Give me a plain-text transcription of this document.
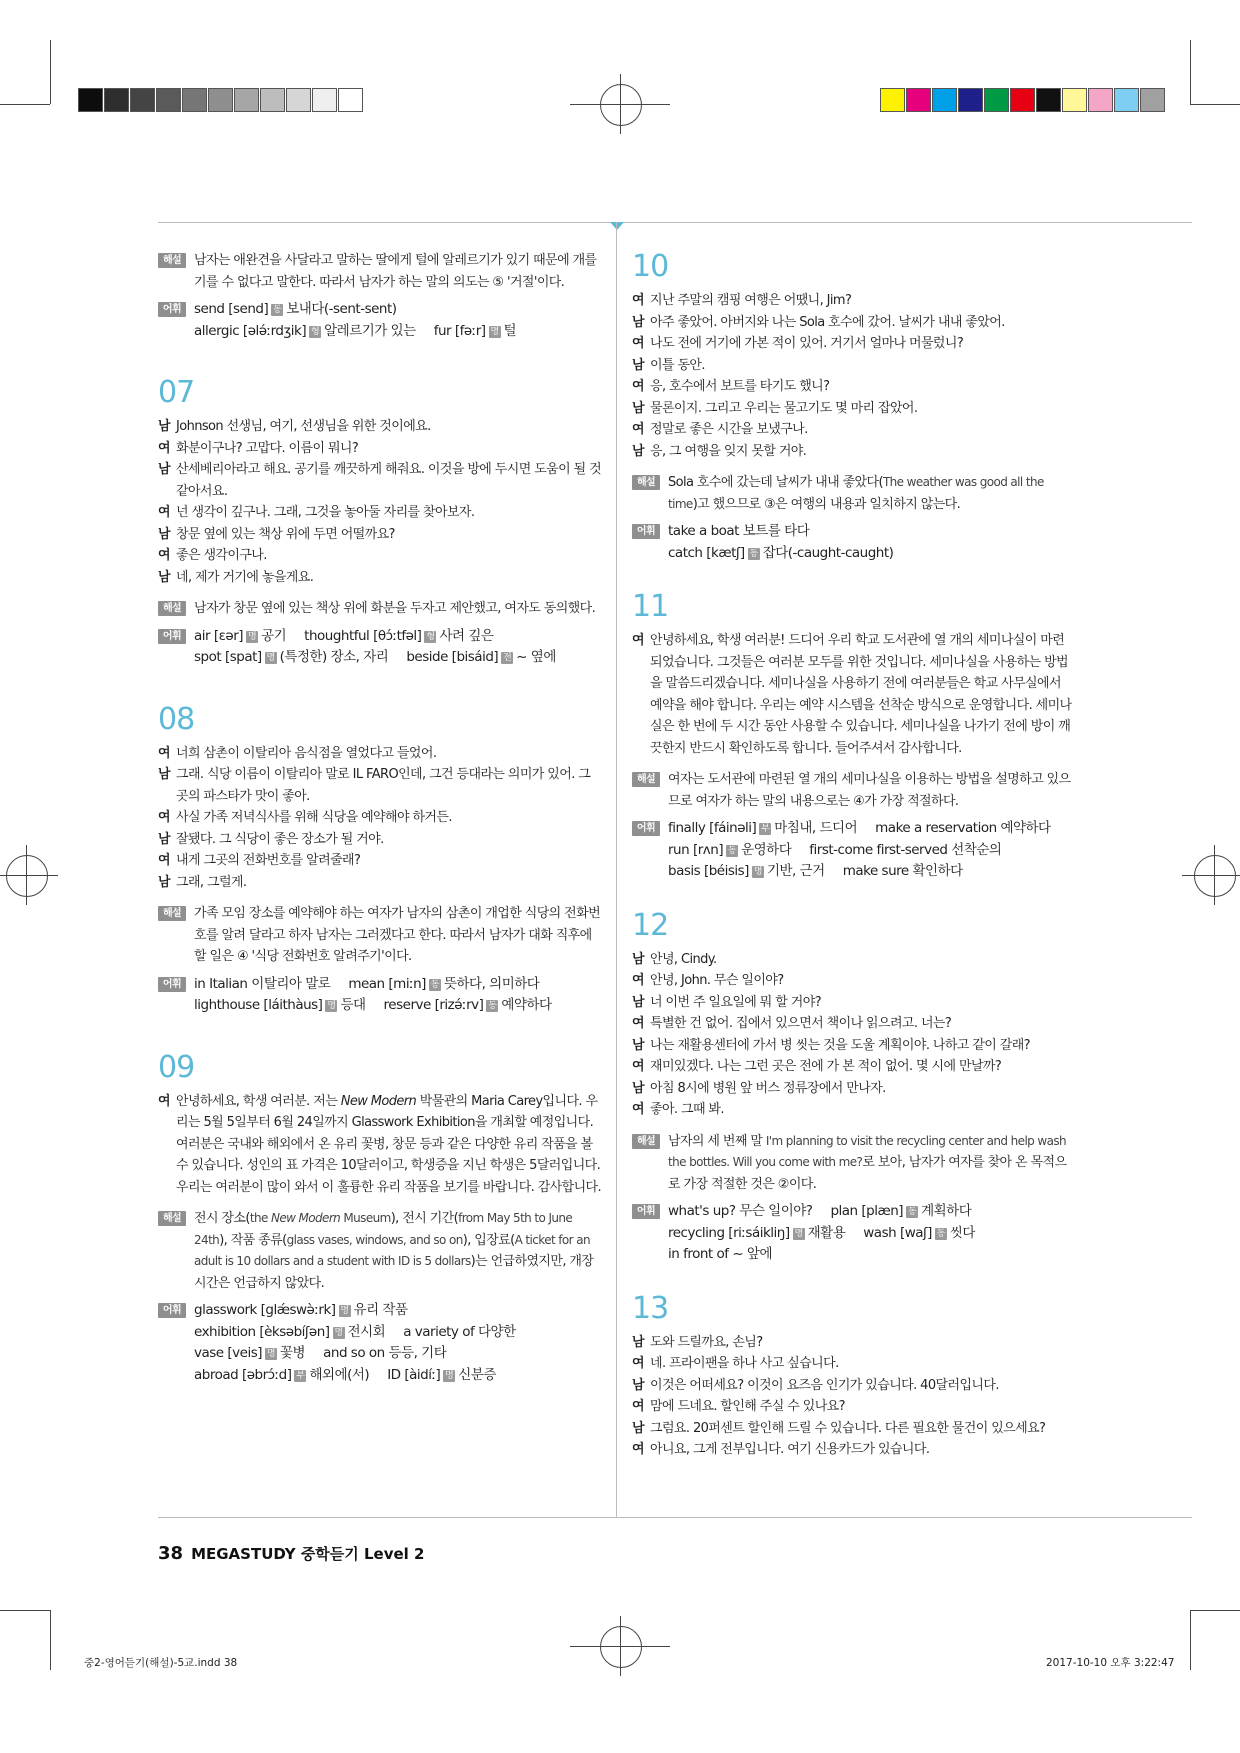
해설 남자는 애완견을 사달라고 말하는 딸에게 털에 알레르기가 있기 때문에 개를 기를 수 없다고 말한다. 따라서 남자가 하는 말의 의도는 ⑤ '거절'이다.
어휘 send [send] 동 보내다(-sent-sent)
allergic [ələ́ːrdʒik] 형 알레르기가 있는 fur [fəːr] 명 털
07
남 Johnson 선생님, 여기, 선생님을 위한 것이에요.
여 화분이구나? 고맙다. 이름이 뭐니?
남 산세베리아라고 해요. 공기를 깨끗하게 해줘요. 이것을 방에 두시면 도움이 될 것 같아서요.
여 넌 생각이 깊구나. 그래, 그것을 놓아둘 자리를 찾아보자.
남 창문 옆에 있는 책상 위에 두면 어떨까요?
여 좋은 생각이구나.
남 네, 제가 거기에 놓을게요.
해설 남자가 창문 옆에 있는 책상 위에 화분을 두자고 제안했고, 여자도 동의했다.
어휘 air [ɛər] 명 공기 thoughtful [θɔ́ːtfəl] 형 사려 깊은
spot [spat] 명 (특정한) 장소, 자리 beside [bisáid] 전 ~ 옆에
08
여 너희 삼촌이 이탈리아 음식점을 열었다고 들었어.
남 그래. 식당 이름이 이탈리아 말로 IL FARO인데, 그건 등대라는 의미가 있어. 그곳의 파스타가 맛이 좋아.
여 사실 가족 저녁식사를 위해 식당을 예약해야 하거든.
남 잘됐다. 그 식당이 좋은 장소가 될 거야.
여 내게 그곳의 전화번호를 알려줄래?
남 그래, 그럴게.
해설 가족 모임 장소를 예약해야 하는 여자가 남자의 삼촌이 개업한 식당의 전화번호를 알려 달라고 하자 남자는 그러겠다고 한다. 따라서 남자가 대화 직후에 할 일은 ④ '식당 전화번호 알려주기'이다.
어휘 in Italian 이탈리아 말로 mean [miːn] 동 뜻하다, 의미하다
lighthouse [láithàus] 명 등대 reserve [rizə́ːrv] 동 예약하다
09
여 안녕하세요, 학생 여러분. 저는 New Modern 박물관의 Maria Carey입니다. 우리는 5월 5일부터 6월 24일까지 Glasswork Exhibition을 개최할 예정입니다. 여러분은 국내와 해외에서 온 유리 꽃병, 창문 등과 같은 다양한 유리 작품을 볼 수 있습니다. 성인의 표 가격은 10달러이고, 학생증을 지닌 학생은 5달러입니다. 우리는 여러분이 많이 와서 이 훌륭한 유리 작품을 보기를 바랍니다. 감사합니다.
해설 전시 장소(the New Modern Museum), 전시 기간(from May 5th to June 24th), 작품 종류(glass vases, windows, and so on), 입장료(A ticket for an adult is 10 dollars and a student with ID is 5 dollars)는 언급하였지만, 개장 시간은 언급하지 않았다.
어휘 glasswork [glǽswə̀ːrk] 명 유리 작품
exhibition [èksəbíʃən] 명 전시회 a variety of 다양한
vase [veis] 명 꽃병 and so on 등등, 기타
abroad [əbrɔ́ːd] 부 해외에(서) ID [àidíː] 명 신분증
10
여 지난 주말의 캠핑 여행은 어땠니, Jim?
남 아주 좋았어. 아버지와 나는 Sola 호수에 갔어. 날씨가 내내 좋았어.
여 나도 전에 거기에 가본 적이 있어. 거기서 얼마나 머물렀니?
남 이틀 동안.
여 응, 호수에서 보트를 타기도 했니?
남 물론이지. 그리고 우리는 물고기도 몇 마리 잡았어.
여 정말로 좋은 시간을 보냈구나.
남 응, 그 여행을 잊지 못할 거야.
해설 Sola 호수에 갔는데 날씨가 내내 좋았다(The weather was good all the time)고 했으므로 ③은 여행의 내용과 일치하지 않는다.
어휘 take a boat 보트를 타다
catch [kætʃ] 동 잡다(-caught-caught)
11
여 안녕하세요, 학생 여러분! 드디어 우리 학교 도서관에 열 개의 세미나실이 마련되었습니다. 그것들은 여러분 모두를 위한 것입니다. 세미나실을 사용하는 방법을 말씀드리겠습니다. 세미나실을 사용하기 전에 여러분들은 학교 사무실에서 예약을 해야 합니다. 우리는 예약 시스템을 선착순 방식으로 운영합니다. 세미나실은 한 번에 두 시간 동안 사용할 수 있습니다. 세미나실을 나가기 전에 방이 깨끗한지 반드시 확인하도록 합니다. 들어주셔서 감사합니다.
해설 여자는 도서관에 마련된 열 개의 세미나실을 이용하는 방법을 설명하고 있으므로 여자가 하는 말의 내용으로는 ④가 가장 적절하다.
어휘 finally [fáinəli] 부 마침내, 드디어 make a reservation 예약하다
run [rʌn] 동 운영하다 first-come first-served 선착순의
basis [béisis] 명 기반, 근거 make sure 확인하다
12
남 안녕, Cindy.
여 안녕, John. 무슨 일이야?
남 너 이번 주 일요일에 뭐 할 거야?
여 특별한 건 없어. 집에서 있으면서 책이나 읽으려고. 너는?
남 나는 재활용센터에 가서 병 씻는 것을 도울 계획이야. 나하고 같이 갈래?
여 재미있겠다. 나는 그런 곳은 전에 가 본 적이 없어. 몇 시에 만날까?
남 아침 8시에 병원 앞 버스 정류장에서 만나자.
여 좋아. 그때 봐.
해설 남자의 세 번째 말 I'm planning to visit the recycling center and help wash the bottles. Will you come with me?로 보아, 남자가 여자를 찾아 온 목적으로 가장 적절한 것은 ②이다.
어휘 what's up? 무슨 일이야? plan [plæn] 동 계획하다
recycling [riːsáikliŋ] 명 재활용 wash [waʃ] 동 씻다
in front of ~ 앞에
13
남 도와 드릴까요, 손님?
여 네. 프라이팬을 하나 사고 싶습니다.
남 이것은 어떠세요? 이것이 요즈음 인기가 있습니다. 40달러입니다.
여 맘에 드네요. 할인해 주실 수 있나요?
남 그럼요. 20퍼센트 할인해 드릴 수 있습니다. 다른 필요한 물건이 있으세요?
여 아니요, 그게 전부입니다. 여기 신용카드가 있습니다.
38 MEGASTUDY 중학듣기 Level 2
중2-영어듣기(해설)-5교.indd 38	2017-10-10 오후 3:22:47
